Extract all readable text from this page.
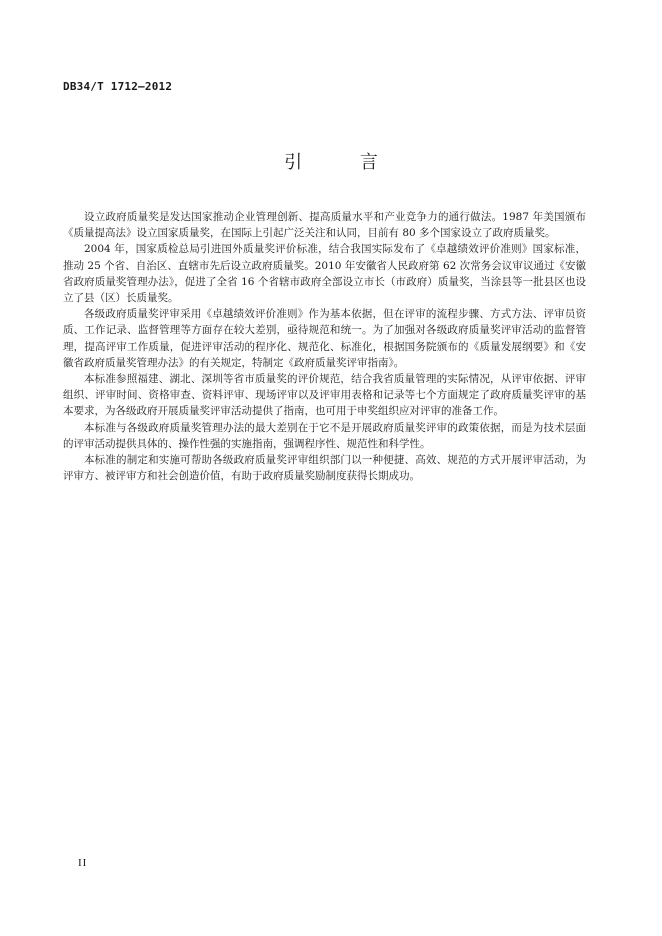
DB34/T 1712—2012
引 言

设立政府质量奖是发达国家推动企业管理创新、提高质量水平和产业竞争力的通行做法。1987 年美国颁布《质量提高法》设立国家质量奖，在国际上引起广泛关注和认同，目前有 80 多个国家设立了政府质量奖。

2004 年，国家质检总局引进国外质量奖评价标准，结合我国实际发布了《卓越绩效评价准则》国家标准，推动 25 个省、自治区、直辖市先后设立政府质量奖。2010 年安徽省人民政府第 62 次常务会议审议通过《安徽省政府质量奖管理办法》，促进了全省 16 个省辖市政府全部设立市长（市政府）质量奖，当涂县等一批县区也设立了县（区）长质量奖。

各级政府质量奖评审采用《卓越绩效评价准则》作为基本依据，但在评审的流程步骤、方式方法、评审员资质、工作记录、监督管理等方面存在较大差别，亟待规范和统一。为了加强对各级政府质量奖评审活动的监督管理，提高评审工作质量，促进评审活动的程序化、规范化、标准化，根据国务院颁布的《质量发展纲要》和《安徽省政府质量奖管理办法》的有关规定，特制定《政府质量奖评审指南》。

本标准参照福建、湖北、深圳等省市质量奖的评价规范，结合我省质量管理的实际情况，从评审依据、评审组织、评审时间、资格审查、资料评审、现场评审以及评审用表格和记录等七个方面规定了政府质量奖评审的基本要求，为各级政府开展质量奖评审活动提供了指南，也可用于申奖组织应对评审的准备工作。

本标准与各级政府质量奖管理办法的最大差别在于它不是开展政府质量奖评审的政策依据，而是为技术层面的评审活动提供具体的、操作性强的实施指南，强调程序性、规范性和科学性。

本标准的制定和实施可帮助各级政府质量奖评审组织部门以一种便捷、高效、规范的方式开展评审活动，为评审方、被评审方和社会创造价值，有助于政府质量奖励制度获得长期成功。

II
